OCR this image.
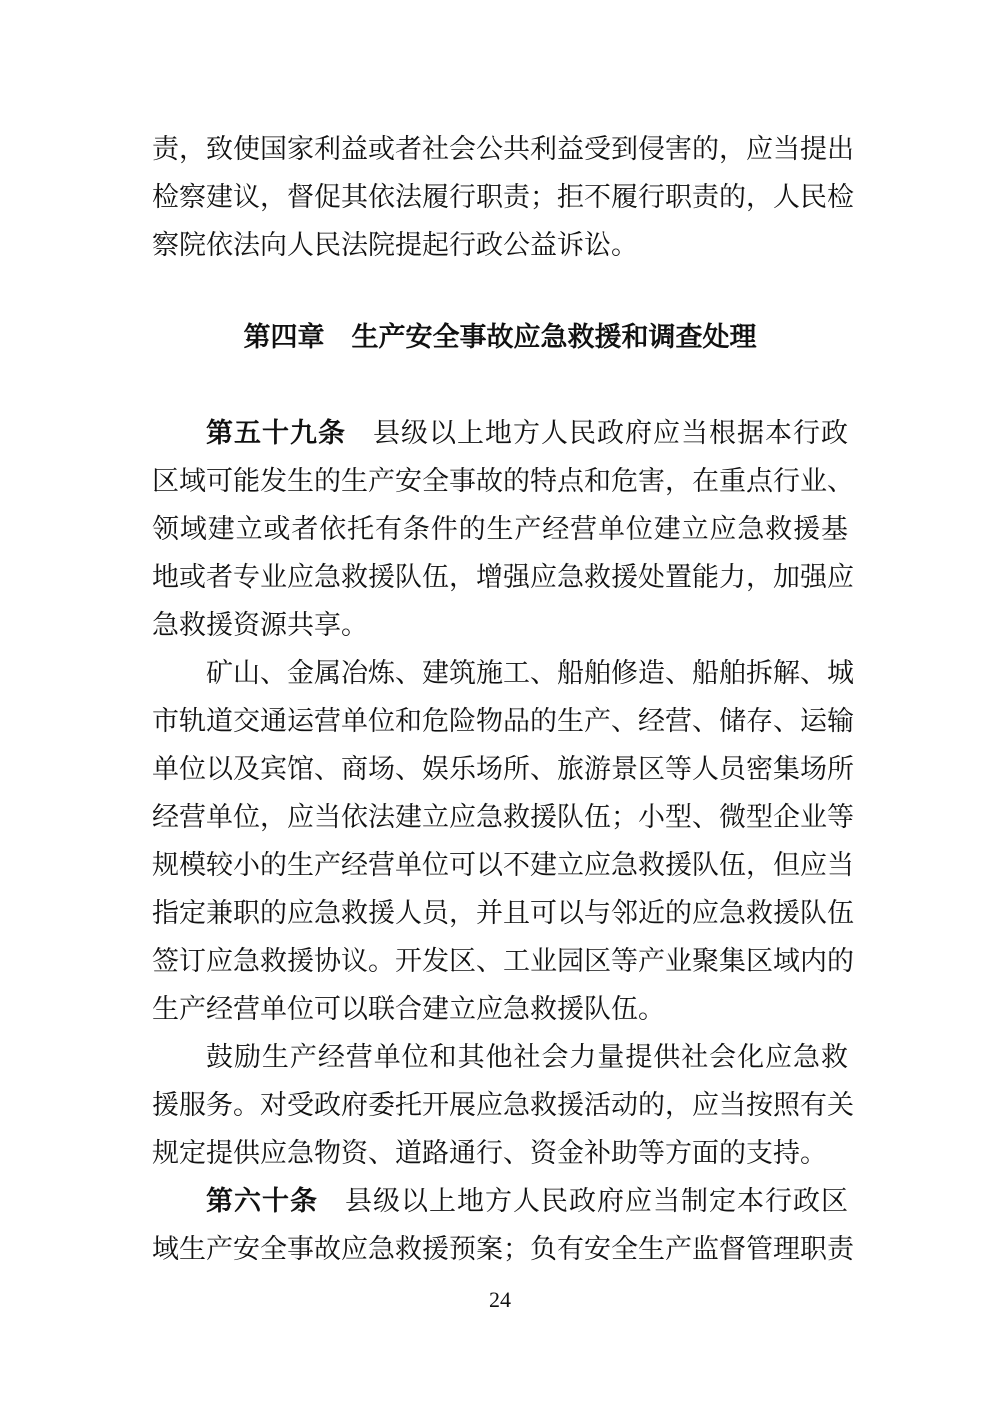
责，致使国家利益或者社会公共利益受到侵害的，应当提出
检察建议，督促其依法履行职责；拒不履行职责的，人民检
察院依法向人民法院提起行政公益诉讼。
第四章　生产安全事故应急救援和调查处理
第五十九条 县级以上地方人民政府应当根据本行政
区域可能发生的生产安全事故的特点和危害，在重点行业、
领域建立或者依托有条件的生产经营单位建立应急救援基
地或者专业应急救援队伍，增强应急救援处置能力，加强应
急救援资源共享。
矿山、金属冶炼、建筑施工、船舶修造、船舶拆解、城
市轨道交通运营单位和危险物品的生产、经营、储存、运输
单位以及宾馆、商场、娱乐场所、旅游景区等人员密集场所
经营单位，应当依法建立应急救援队伍；小型、微型企业等
规模较小的生产经营单位可以不建立应急救援队伍，但应当
指定兼职的应急救援人员，并且可以与邻近的应急救援队伍
签订应急救援协议。开发区、工业园区等产业聚集区域内的
生产经营单位可以联合建立应急救援队伍。
鼓励生产经营单位和其他社会力量提供社会化应急救
援服务。对受政府委托开展应急救援活动的，应当按照有关
规定提供应急物资、道路通行、资金补助等方面的支持。
第六十条 县级以上地方人民政府应当制定本行政区
域生产安全事故应急救援预案；负有安全生产监督管理职责
24
